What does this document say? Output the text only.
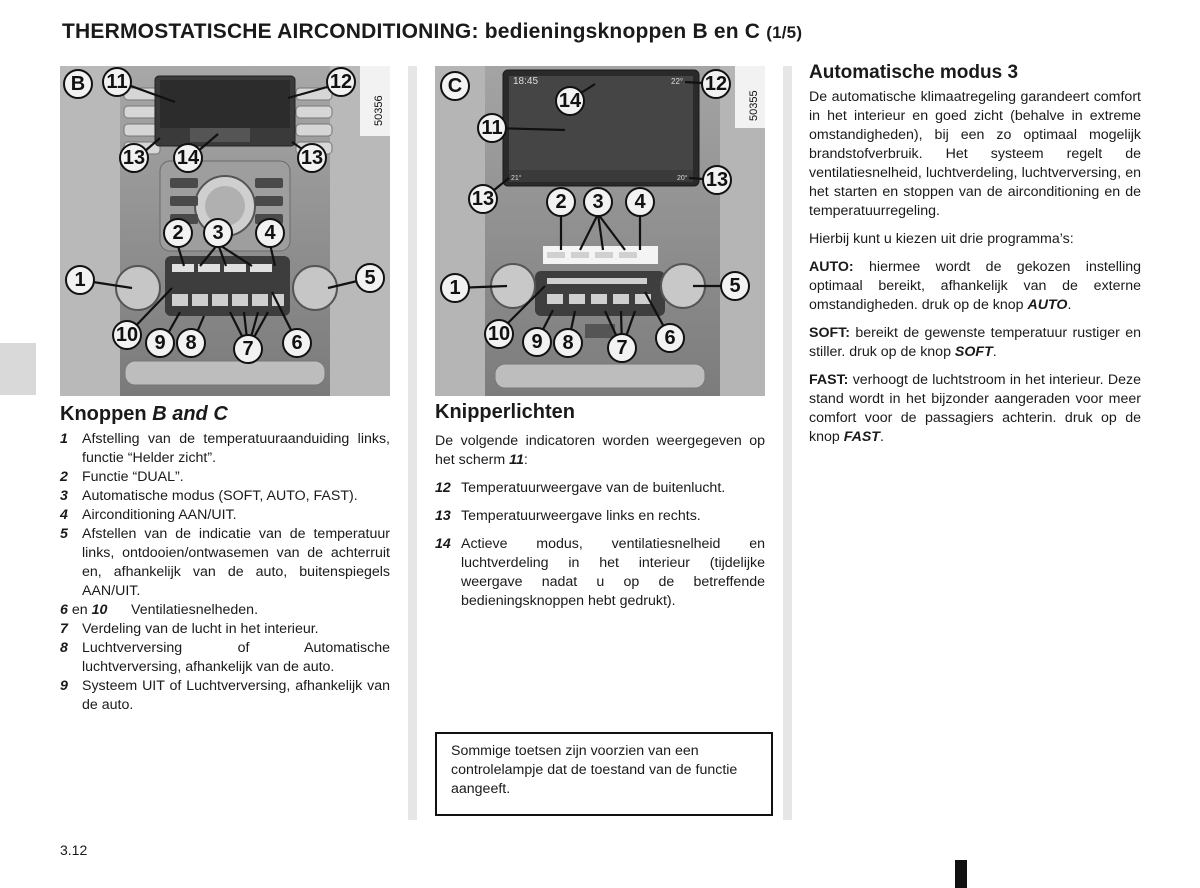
THERMOSTATISCHE AIRCONDITIONING: bedieningsknoppen B en C (1/5)
50356
B 11	12
13 14	13
2 3 4
1	5
10 9 8 7 6
18:45	22°
21°	20°
50355
C	12
14
11
13
13
2 3 4
1	5
10 9 8 7 6
Knoppen B and C
1 Afstelling van de temperatuuraanduiding links, functie “Helder zicht”.
2 Functie “DUAL”.
3 Automatische modus (SOFT, AUTO, FAST).
4 Airconditioning AAN/UIT.
5 Afstellen van de indicatie van de temperatuur links, ontdooien/ontwasemen van de achterruit en, afhankelijk van de auto, buitenspiegels AAN/UIT.
6 en 10 Ventilatiesnelheden.
7 Verdeling van de lucht in het interieur.
8 Luchtverversing of Automatische luchtverversing, afhankelijk van de auto.
9 Systeem UIT of Luchtverversing, afhankelijk van de auto.
Knipperlichten

De volgende indicatoren worden weergegeven op het scherm 11:

12 Temperatuurweergave van de buitenlucht.
13 Temperatuurweergave links en rechts.
14 Actieve modus, ventilatiesnelheid en luchtverdeling in het interieur (tijdelijke weergave nadat u op de betreffende bedieningsknoppen hebt gedrukt).
Sommige toetsen zijn voorzien van een controlelampje dat de toestand van de functie aangeeft.
Automatische modus 3

De automatische klimaatregeling garandeert comfort in het interieur en goed zicht (behalve in extreme omstandigheden), bij een zo optimaal mogelijk brandstofverbruik. Het systeem regelt de ventilatiesnelheid, luchtverdeling, luchtverversing, en het starten en stoppen van de airconditioning en de temperatuurregeling.

Hierbij kunt u kiezen uit drie programma’s:

AUTO: hiermee wordt de gekozen instelling optimaal bereikt, afhankelijk van de externe omstandigheden. druk op de knop AUTO.

SOFT: bereikt de gewenste temperatuur rustiger en stiller. druk op de knop SOFT.

FAST: verhoogt de luchtstroom in het interieur. Deze stand wordt in het bijzonder aangeraden voor meer comfort voor de passagiers achterin. druk op de knop FAST.

3.12
